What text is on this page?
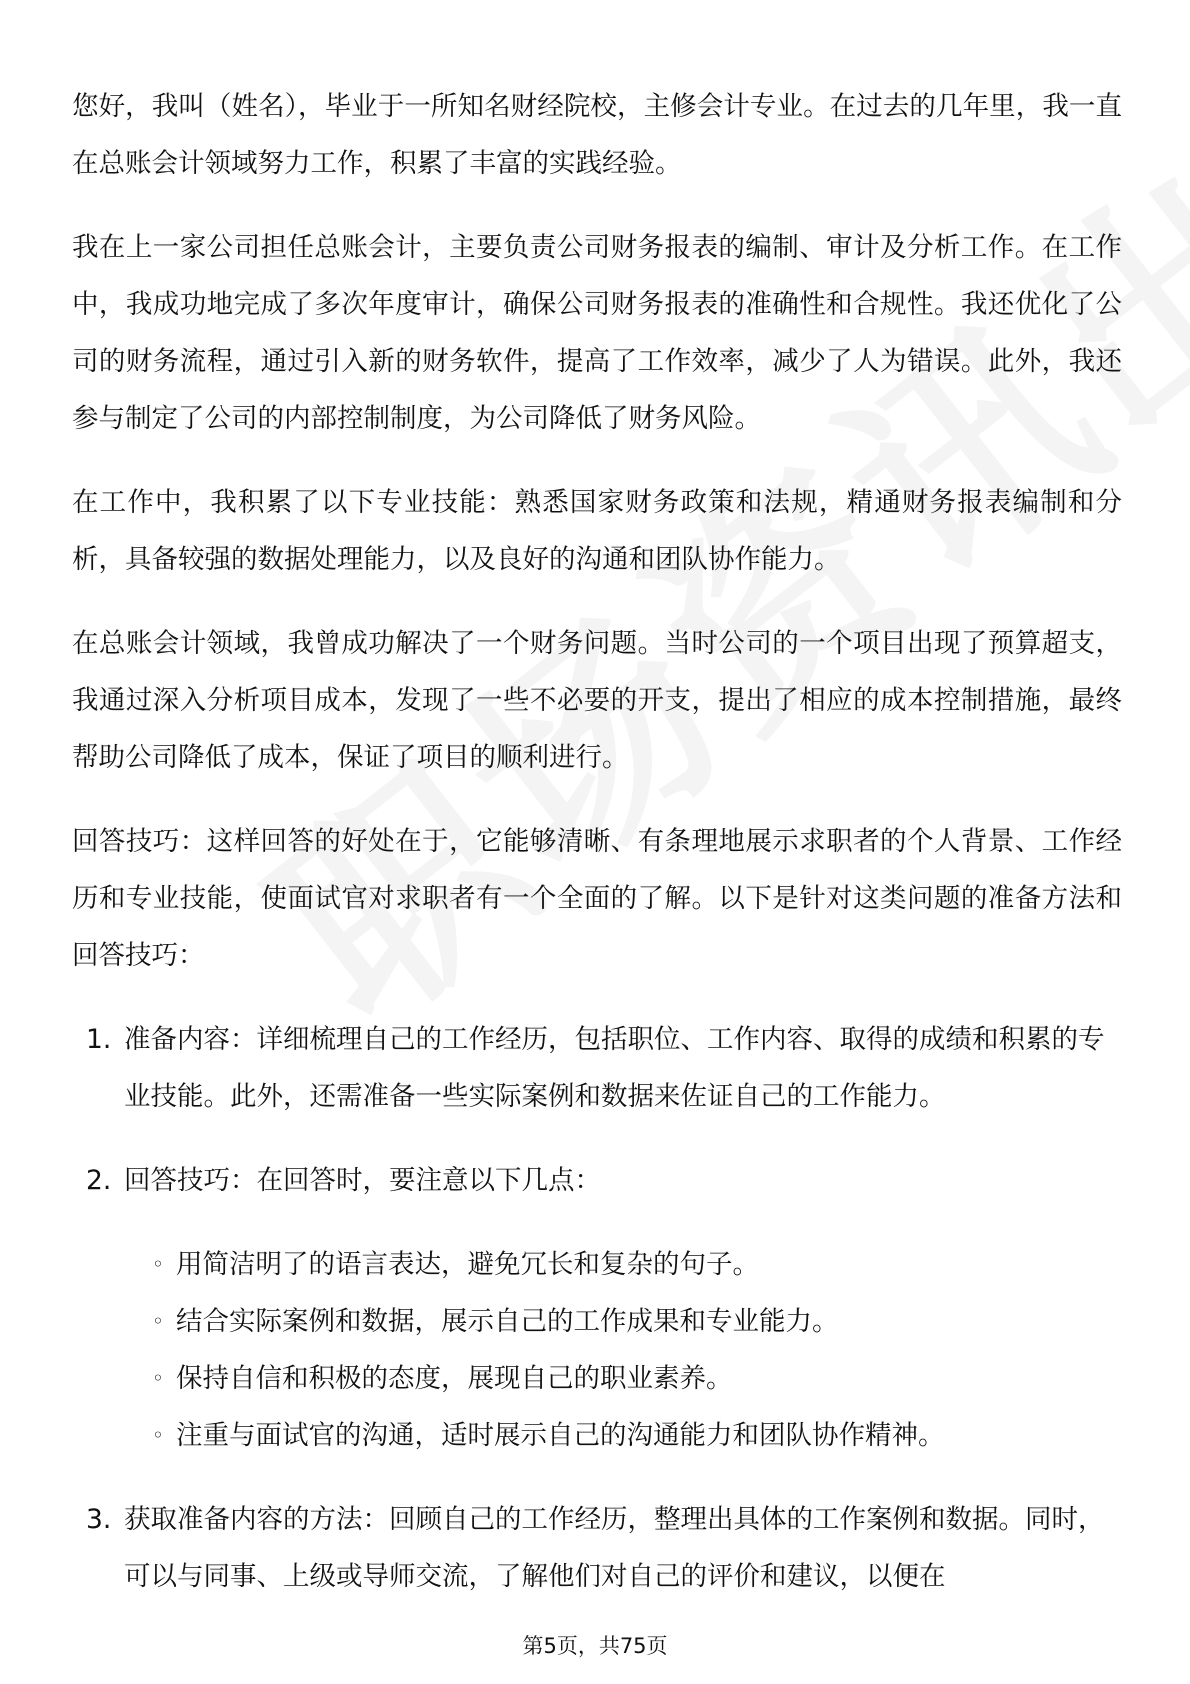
您好，我叫（姓名），毕业于一所知名财经院校，主修会计专业。在过去的几年里，我一直在总账会计领域努力工作，积累了丰富的实践经验。

我在上一家公司担任总账会计，主要负责公司财务报表的编制、审计及分析工作。在工作中，我成功地完成了多次年度审计，确保公司财务报表的准确性和合规性。我还优化了公司的财务流程，通过引入新的财务软件，提高了工作效率，减少了人为错误。此外，我还参与制定了公司的内部控制制度，为公司降低了财务风险。

在工作中，我积累了以下专业技能：熟悉国家财务政策和法规，精通财务报表编制和分析，具备较强的数据处理能力，以及良好的沟通和团队协作能力。

在总账会计领域，我曾成功解决了一个财务问题。当时公司的一个项目出现了预算超支，我通过深入分析项目成本，发现了一些不必要的开支，提出了相应的成本控制措施，最终帮助公司降低了成本，保证了项目的顺利进行。

回答技巧：这样回答的好处在于，它能够清晰、有条理地展示求职者的个人背景、工作经历和专业技能，使面试官对求职者有一个全面的了解。以下是针对这类问题的准备方法和回答技巧：

1. 准备内容：详细梳理自己的工作经历，包括职位、工作内容、取得的成绩和积累的专业技能。此外，还需准备一些实际案例和数据来佐证自己的工作能力。
2. 回答技巧：在回答时，要注意以下几点：
◦ 用简洁明了的语言表达，避免冗长和复杂的句子。
◦ 结合实际案例和数据，展示自己的工作成果和专业能力。
◦ 保持自信和积极的态度，展现自己的职业素养。
◦ 注重与面试官的沟通，适时展示自己的沟通能力和团队协作精神。
3. 获取准备内容的方法：回顾自己的工作经历，整理出具体的工作案例和数据。同时，可以与同事、上级或导师交流，了解他们对自己的评价和建议，以便在
第5页，共75页
